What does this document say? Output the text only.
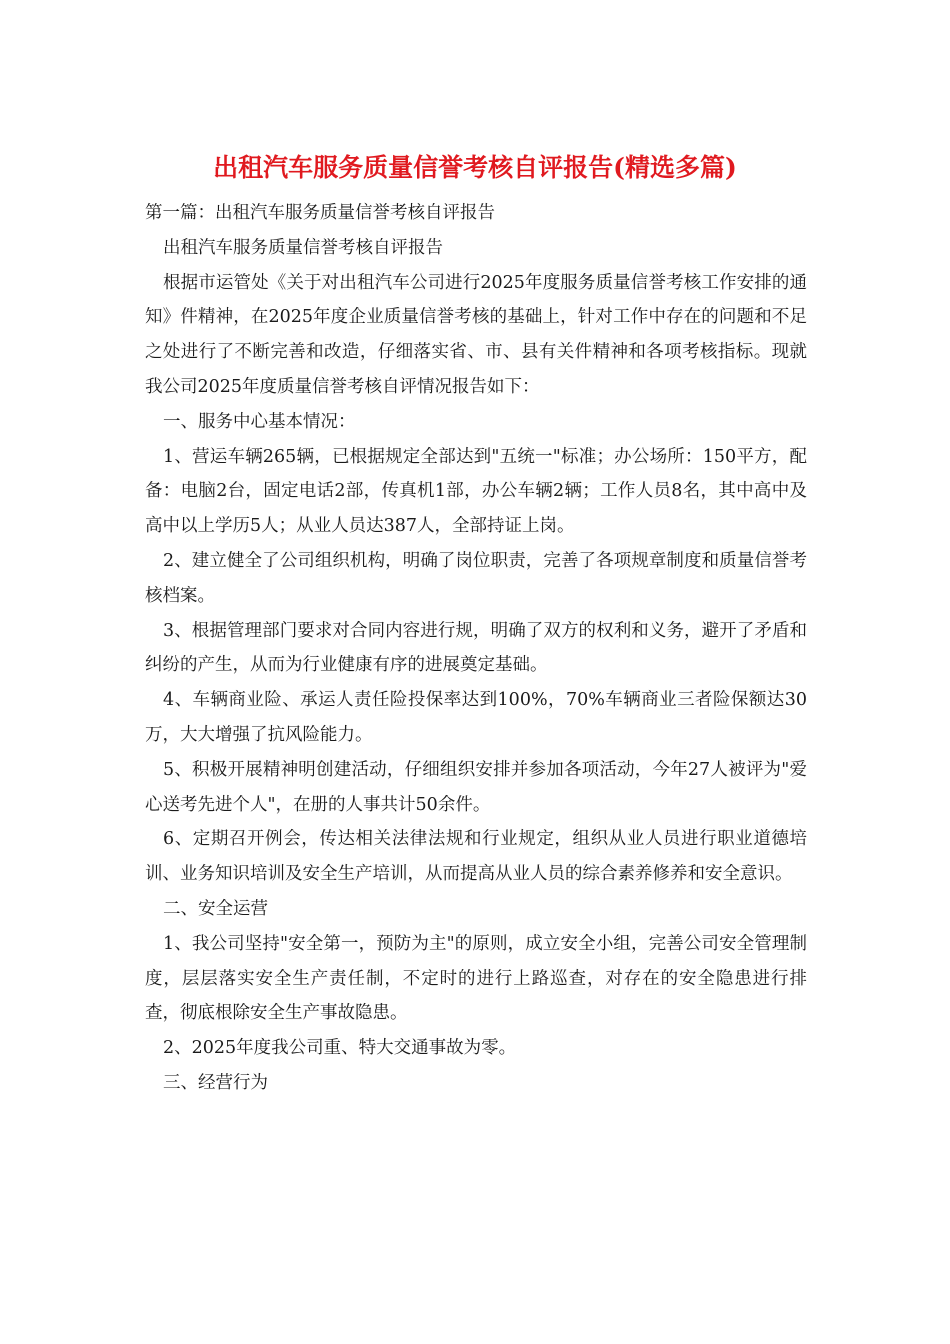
出租汽车服务质量信誉考核自评报告(精选多篇)

第一篇：出租汽车服务质量信誉考核自评报告

出租汽车服务质量信誉考核自评报告

根据市运管处《关于对出租汽车公司进行2025年度服务质量信誉考核工作安排的通知》件精神，在2025年度企业质量信誉考核的基础上，针对工作中存在的问题和不足之处进行了不断完善和改造，仔细落实省、市、县有关件精神和各项考核指标。现就我公司2025年度质量信誉考核自评情况报告如下：

一、服务中心基本情况：

1、营运车辆265辆，已根据规定全部达到"五统一"标准；办公场所：150平方，配备：电脑2台，固定电话2部，传真机1部，办公车辆2辆；工作人员8名，其中高中及高中以上学历5人；从业人员达387人，全部持证上岗。

2、建立健全了公司组织机构，明确了岗位职责，完善了各项规章制度和质量信誉考核档案。

3、根据管理部门要求对合同内容进行规，明确了双方的权利和义务，避开了矛盾和纠纷的产生，从而为行业健康有序的进展奠定基础。

4、车辆商业险、承运人责任险投保率达到100%，70%车辆商业三者险保额达30万，大大增强了抗风险能力。

5、积极开展精神明创建活动，仔细组织安排并参加各项活动，今年27人被评为"爱心送考先进个人"，在册的人事共计50余件。

6、定期召开例会，传达相关法律法规和行业规定，组织从业人员进行职业道德培训、业务知识培训及安全生产培训，从而提高从业人员的综合素养修养和安全意识。

二、安全运营

1、我公司坚持"安全第一，预防为主"的原则，成立安全小组，完善公司安全管理制度，层层落实安全生产责任制，不定时的进行上路巡查，对存在的安全隐患进行排查，彻底根除安全生产事故隐患。

2、2025年度我公司重、特大交通事故为零。

三、经营行为
